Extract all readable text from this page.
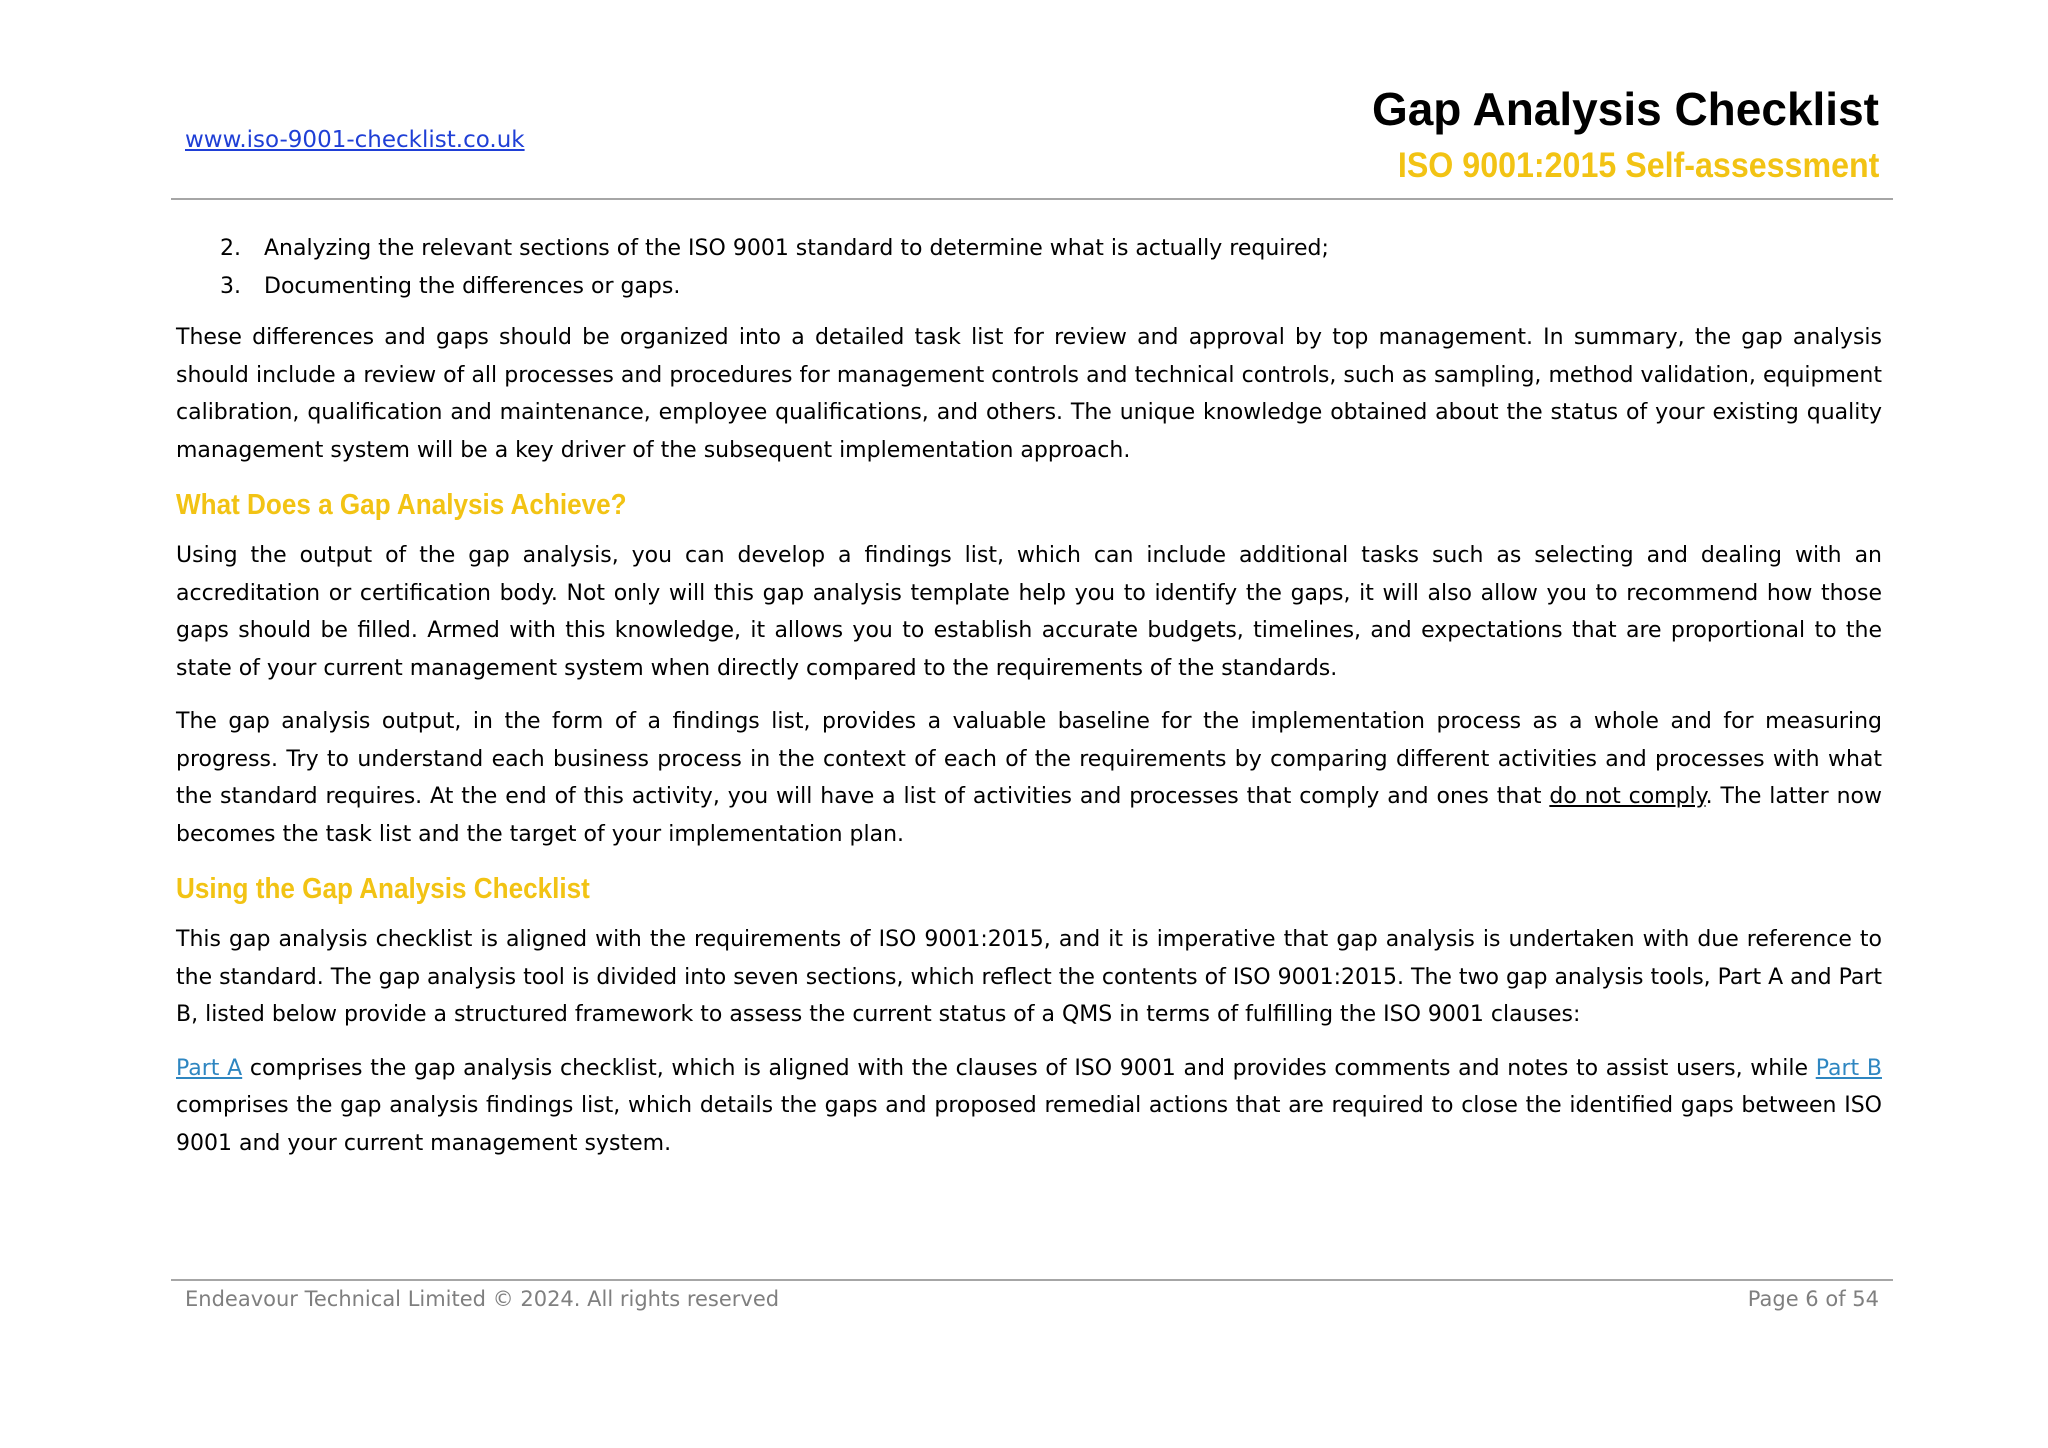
www.iso-9001-checklist.co.uk
Gap Analysis Checklist
ISO 9001:2015 Self-assessment
2. Analyzing the relevant sections of the ISO 9001 standard to determine what is actually required;
3. Documenting the differences or gaps.

These differences and gaps should be organized into a detailed task list for review and approval by top management. In summary, the gap analysis should include a review of all processes and procedures for management controls and technical controls, such as sampling, method validation, equipment calibration, qualification and maintenance, employee qualifications, and others. The unique knowledge obtained about the status of your existing quality management system will be a key driver of the subsequent implementation approach.

What Does a Gap Analysis Achieve?

Using the output of the gap analysis, you can develop a findings list, which can include additional tasks such as selecting and dealing with an accreditation or certification body. Not only will this gap analysis template help you to identify the gaps, it will also allow you to recommend how those gaps should be filled. Armed with this knowledge, it allows you to establish accurate budgets, timelines, and expectations that are proportional to the state of your current management system when directly compared to the requirements of the standards.

The gap analysis output, in the form of a findings list, provides a valuable baseline for the implementation process as a whole and for measuring progress. Try to understand each business process in the context of each of the requirements by comparing different activities and processes with what the standard requires. At the end of this activity, you will have a list of activities and processes that comply and ones that do not comply. The latter now becomes the task list and the target of your implementation plan.

Using the Gap Analysis Checklist

This gap analysis checklist is aligned with the requirements of ISO 9001:2015, and it is imperative that gap analysis is undertaken with due reference to the standard. The gap analysis tool is divided into seven sections, which reflect the contents of ISO 9001:2015. The two gap analysis tools, Part A and Part B, listed below provide a structured framework to assess the current status of a QMS in terms of fulfilling the ISO 9001 clauses:

Part A comprises the gap analysis checklist, which is aligned with the clauses of ISO 9001 and provides comments and notes to assist users, while Part B comprises the gap analysis findings list, which details the gaps and proposed remedial actions that are required to close the identified gaps between ISO 9001 and your current management system.

Endeavour Technical Limited © 2024. All rights reserved	Page 6 of 54
